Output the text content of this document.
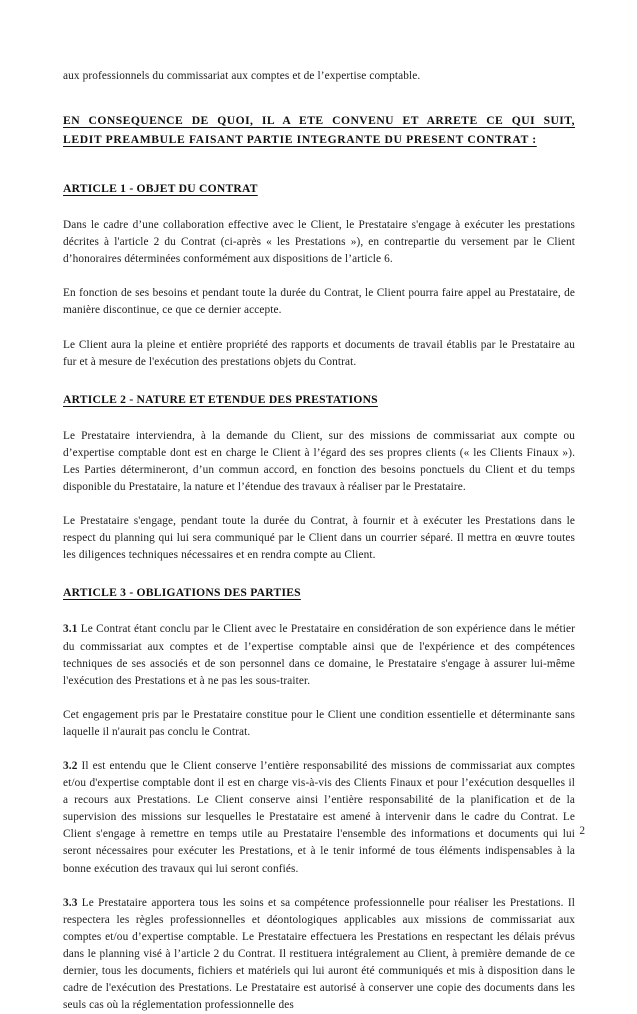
aux professionnels du commissariat aux comptes et de l’expertise comptable.

EN CONSEQUENCE DE QUOI, IL A ETE CONVENU ET ARRETE CE QUI SUIT,
LEDIT PREAMBULE FAISANT PARTIE INTEGRANTE DU PRESENT CONTRAT :
ARTICLE 1 - OBJET DU CONTRAT

Dans le cadre d’une collaboration effective avec le Client, le Prestataire s'engage à exécuter les prestations décrites à l'article 2 du Contrat (ci-après « les Prestations »), en contrepartie du versement par le Client d’honoraires déterminées conformément aux dispositions de l’article 6.

En fonction de ses besoins et pendant toute la durée du Contrat, le Client pourra faire appel au Prestataire, de manière discontinue, ce que ce dernier accepte.

Le Client aura la pleine et entière propriété des rapports et documents de travail établis par le Prestataire au fur et à mesure de l'exécution des prestations objets du Contrat.

ARTICLE 2 - NATURE ET ETENDUE DES PRESTATIONS

Le Prestataire interviendra, à la demande du Client, sur des missions de commissariat aux compte ou d’expertise comptable dont est en charge le Client à l’égard des ses propres clients (« les Clients Finaux »). Les Parties détermineront, d’un commun accord, en fonction des besoins ponctuels du Client et du temps disponible du Prestataire, la nature et l’étendue des travaux à réaliser par le Prestataire.

Le Prestataire s'engage, pendant toute la durée du Contrat, à fournir et à exécuter les Prestations dans le respect du planning qui lui sera communiqué par le Client dans un courrier séparé. Il mettra en œuvre toutes les diligences techniques nécessaires et en rendra compte au Client.

ARTICLE 3 - OBLIGATIONS DES PARTIES

3.1 Le Contrat étant conclu par le Client avec le Prestataire en considération de son expérience dans le métier du commissariat aux comptes et de l’expertise comptable ainsi que de l'expérience et des compétences techniques de ses associés et de son personnel dans ce domaine, le Prestataire s'engage à assurer lui-même l'exécution des Prestations et à ne pas les sous-traiter.

Cet engagement pris par le Prestataire constitue pour le Client une condition essentielle et déterminante sans laquelle il n'aurait pas conclu le Contrat.

3.2 Il est entendu que le Client conserve l’entière responsabilité des missions de commissariat aux comptes et/ou d'expertise comptable dont il est en charge vis-à-vis des Clients Finaux et pour l’exécution desquelles il a recours aux Prestations. Le Client conserve ainsi l’entière responsabilité de la planification et de la supervision des missions sur lesquelles le Prestataire est amené à intervenir dans le cadre du Contrat. Le Client s'engage à remettre en temps utile au Prestataire l'ensemble des informations et documents qui lui seront nécessaires pour exécuter les Prestations, et à le tenir informé de tous éléments indispensables à la bonne exécution des travaux qui lui seront confiés.

3.3 Le Prestataire apportera tous les soins et sa compétence professionnelle pour réaliser les Prestations. Il respectera les règles professionnelles et déontologiques applicables aux missions de commissariat aux comptes et/ou d’expertise comptable. Le Prestataire effectuera les Prestations en respectant les délais prévus dans le planning visé à l’article 2 du Contrat. Il restituera intégralement au Client, à première demande de ce dernier, tous les documents, fichiers et matériels qui lui auront été communiqués et mis à disposition dans le cadre de l'exécution des Prestations. Le Prestataire est autorisé à conserver une copie des documents dans les seuls cas où la réglementation professionnelle des

2
